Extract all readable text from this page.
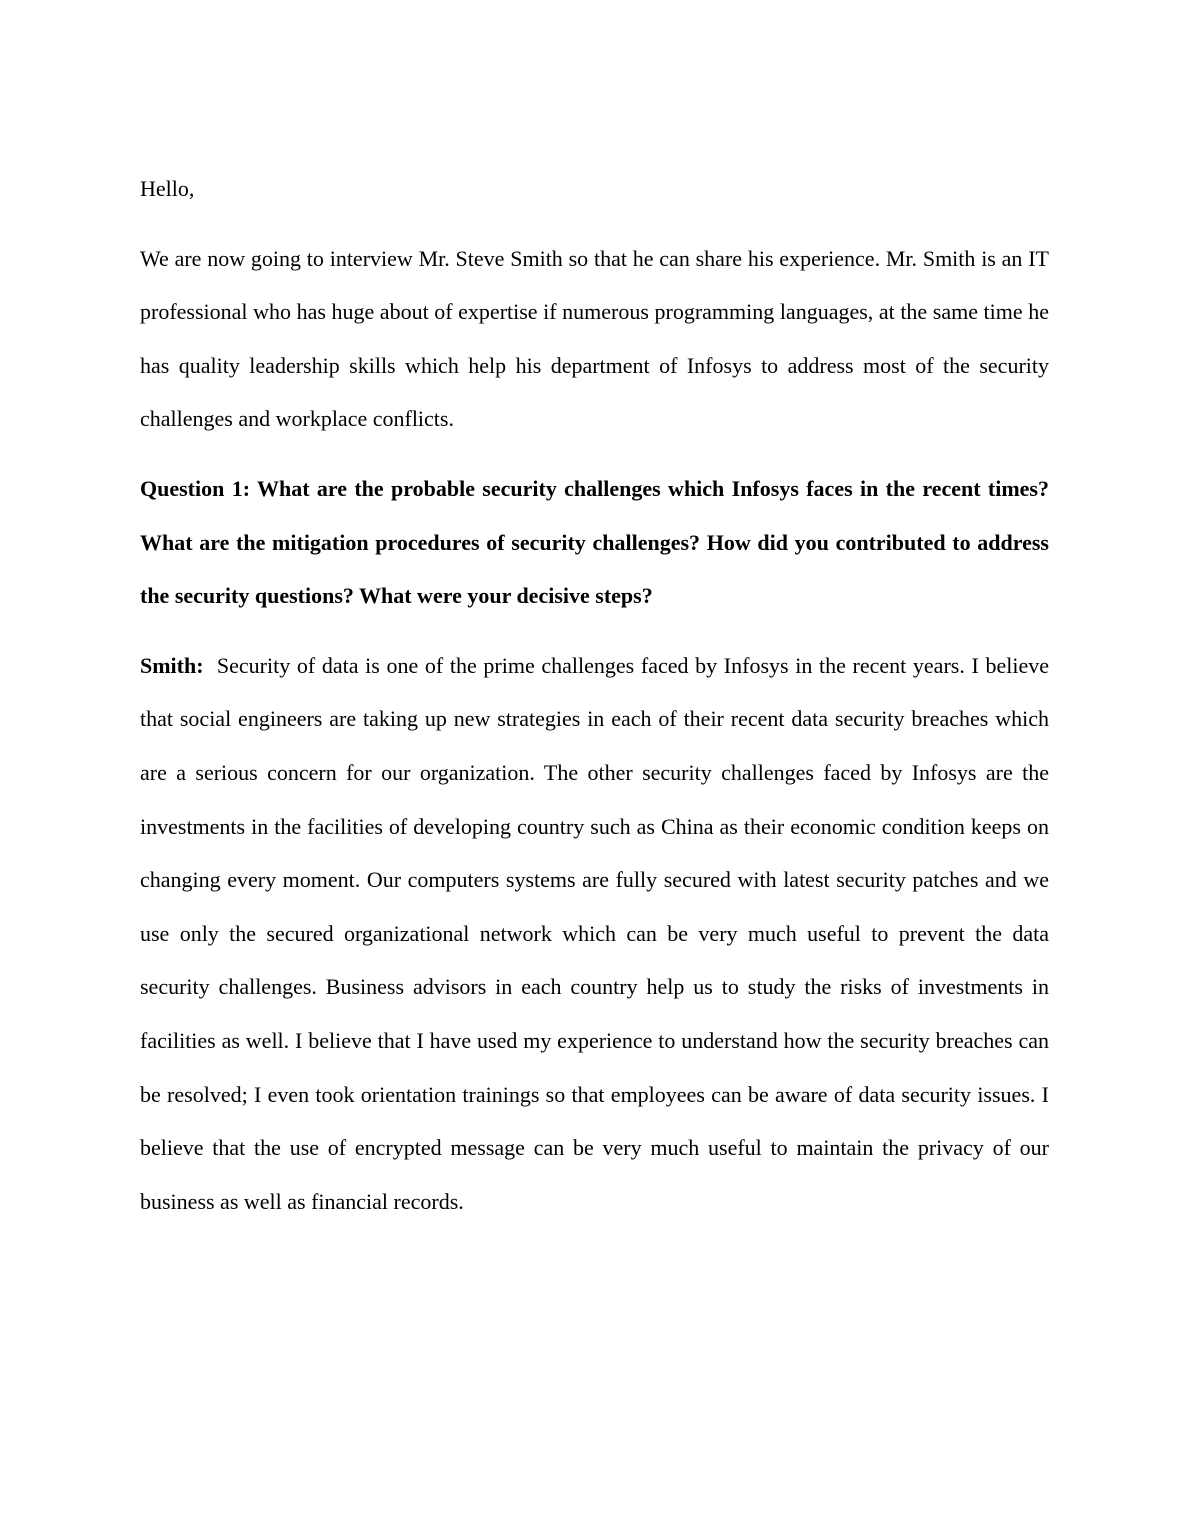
Hello,

We are now going to interview Mr. Steve Smith so that he can share his experience. Mr. Smith is an IT professional who has huge about of expertise if numerous programming languages, at the same time he has quality leadership skills which help his department of Infosys to address most of the security challenges and workplace conflicts.

Question 1: What are the probable security challenges which Infosys faces in the recent times? What are the mitigation procedures of security challenges? How did you contributed to address the security questions? What were your decisive steps?

Smith: Security of data is one of the prime challenges faced by Infosys in the recent years. I believe that social engineers are taking up new strategies in each of their recent data security breaches which are a serious concern for our organization. The other security challenges faced by Infosys are the investments in the facilities of developing country such as China as their economic condition keeps on changing every moment. Our computers systems are fully secured with latest security patches and we use only the secured organizational network which can be very much useful to prevent the data security challenges. Business advisors in each country help us to study the risks of investments in facilities as well. I believe that I have used my experience to understand how the security breaches can be resolved; I even took orientation trainings so that employees can be aware of data security issues. I believe that the use of encrypted message can be very much useful to maintain the privacy of our business as well as financial records.
